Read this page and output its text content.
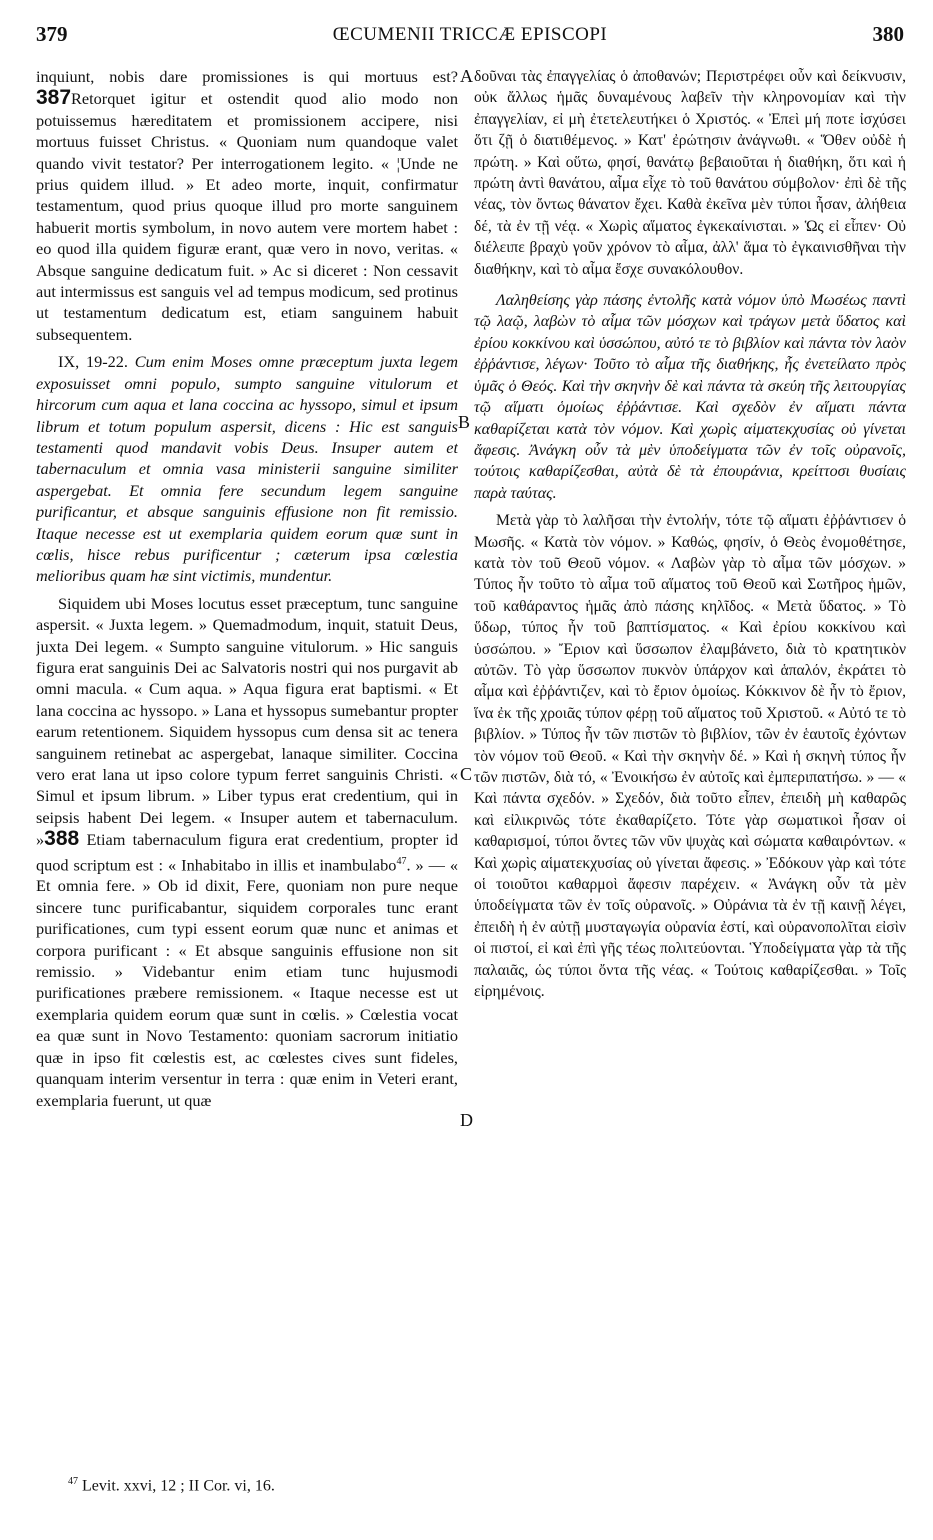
379	ŒCUMENII TRICCÆ EPISCOPI	380
A
B
C
D

inquiunt, nobis dare promissiones is qui mortuus est?387Retorquet igitur et ostendit quod alio modo non potuissemus hæreditatem et promissionem accipere, nisi mortuus fuisset Christus. « Quoniam num quandoque valet quando vivit testator? Per interrogationem legito. « ¦Unde ne prius quidem illud. » Et adeo morte, inquit, confirmatur testamentum, quod prius quoque illud pro morte sanguinem habuerit mortis symbolum, in novo autem vere mortem habet : eo quod illa quidem figuræ erant, quæ vero in novo, veritas. « Absque sanguine dedicatum fuit. » Ac si diceret : Non cessavit aut intermissus est sanguis vel ad tempus modicum, sed protinus ut testamentum dedicatum est, etiam sanguinem habuit subsequentem.

IX, 19-22. Cum enim Moses omne præceptum juxta legem exposuisset omni populo, sumpto sanguine vitulorum et hircorum cum aqua et lana coccina ac hyssopo, simul et ipsum librum et totum populum aspersit, dicens : Hic est sanguis testamenti quod mandavit vobis Deus. Insuper autem et tabernaculum et omnia vasa ministerii sanguine similiter aspergebat. Et omnia fere secundum legem sanguine purificantur, et absque sanguinis effusione non fit remissio. Itaque necesse est ut exemplaria quidem eorum quæ sunt in cœlis, hisce rebus purificentur ; cæterum ipsa cœlestia melioribus quam hæ sint victimis, mundentur.

Siquidem ubi Moses locutus esset præceptum, tunc sanguine aspersit. « Juxta legem. » Quemadmodum, inquit, statuit Deus, juxta Dei legem. « Sumpto sanguine vitulorum. » Hic sanguis figura erat sanguinis Dei ac Salvatoris nostri qui nos purgavit ab omni macula. « Cum aqua. » Aqua figura erat baptismi. « Et lana coccina ac hyssopo. » Lana et hyssopus sumebantur propter earum retentionem. Siquidem hyssopus cum densa sit ac tenera sanguinem retinebat ac aspergebat, lanaque similiter. Coccina vero erat lana ut ipso colore typum ferret sanguinis Christi. « Simul et ipsum librum. » Liber typus erat credentium, qui in seipsis habent Dei legem. « Insuper autem et tabernaculum. »388 Etiam tabernaculum figura erat credentium, propter id quod scriptum est : « Inhabitabo in illis et inambulabo$^{47}$. » — « Et omnia fere. » Ob id dixit, Fere, quoniam non pure neque sincere tunc purificabantur, siquidem corporales tunc erant purificationes, cum typi essent eorum quæ nunc et animas et corpora purificant : « Et absque sanguinis effusione non sit remissio. » Videbantur enim etiam tunc hujusmodi purificationes præbere remissionem. « Itaque necesse est ut exemplaria quidem eorum quæ sunt in cœlis. » Cœlestia vocat ea quæ sunt in Novo Testamento: quoniam sacrorum initiatio quæ in ipso fit cœlestis est, ac cœlestes cives sunt fideles, quanquam interim versentur in terra : quæ enim in Veteri erant, exemplaria fuerunt, ut quæ

δοῦναι τὰς ἐπαγγελίας ὁ ἀποθανών; Περιστρέφει οὖν καὶ δείκνυσιν, οὐκ ἄλλως ἡμᾶς δυναμένους λαβεῖν τὴν κληρονομίαν καὶ τὴν ἐπαγγελίαν, εἰ μὴ ἐτετελευτήκει ὁ Χριστός. « Ἐπεὶ μή ποτε ἰσχύσει ὅτι ζῇ ὁ διατιθέμενος. » Κατ' ἐρώτησιν ἀνάγνωθι. « Ὅθεν οὐδὲ ἡ πρώτη. » Καὶ οὕτω, φησί, θανάτῳ βεβαιοῦται ἡ διαθήκη, ὅτι καὶ ἡ πρώτη ἀντὶ θανάτου, αἷμα εἶχε τὸ τοῦ θανάτου σύμβολον· ἐπὶ δὲ τῆς νέας, τὸν ὄντως θάνατον ἔχει. Καθὰ ἐκεῖνα μὲν τύποι ἦσαν, ἀλήθεια δέ, τὰ ἐν τῇ νέᾳ. « Χωρὶς αἵματος ἐγκεκαίνισται. » Ὡς εἰ εἶπεν· Οὐ διέλειπε βραχὺ γοῦν χρόνον τὸ αἷμα, ἀλλ' ἅμα τὸ ἐγκαινισθῆναι τὴν διαθήκην, καὶ τὸ αἷμα ἔσχε συνακόλουθον.

Λαληθείσης γὰρ πάσης ἐντολῆς κατὰ νόμον ὑπὸ Μωσέως παντὶ τῷ λαῷ, λαβὼν τὸ αἷμα τῶν μόσχων καὶ τράγων μετὰ ὕδατος καὶ ἐρίου κοκκίνου καὶ ὑσσώπου, αὐτό τε τὸ βιβλίον καὶ πάντα τὸν λαὸν ἐῤῥάντισε, λέγων· Τοῦτο τὸ αἷμα τῆς διαθήκης, ἧς ἐνετείλατο πρὸς ὑμᾶς ὁ Θεός. Καὶ τὴν σκηνὴν δὲ καὶ πάντα τὰ σκεύη τῆς λειτουργίας τῷ αἵματι ὁμοίως ἐῤῥάντισε. Καὶ σχεδὸν ἐν αἵματι πάντα καθαρίζεται κατὰ τὸν νόμον. Καὶ χωρὶς αἱματεκχυσίας οὐ γίνεται ἄφεσις. Ἀνάγκη οὖν τὰ μὲν ὑποδείγματα τῶν ἐν τοῖς οὐρανοῖς, τούτοις καθαρίζεσθαι, αὐτὰ δὲ τὰ ἐπουράνια, κρείττοσι θυσίαις παρὰ ταύτας.

Μετὰ γὰρ τὸ λαλῆσαι τὴν ἐντολήν, τότε τῷ αἵματι ἐῤῥάντισεν ὁ Μωσῆς. « Κατὰ τὸν νόμον. » Καθώς, φησίν, ὁ Θεὸς ἐνομοθέτησε, κατὰ τὸν τοῦ Θεοῦ νόμον. « Λαβὼν γὰρ τὸ αἷμα τῶν μόσχων. » Τύπος ἦν τοῦτο τὸ αἷμα τοῦ αἵματος τοῦ Θεοῦ καὶ Σωτῆρος ἡμῶν, τοῦ καθάραντος ἡμᾶς ἀπὸ πάσης κηλῖδος. « Μετὰ ὕδατος. » Τὸ ὕδωρ, τύπος ἦν τοῦ βαπτίσματος. « Καὶ ἐρίου κοκκίνου καὶ ὑσσώπου. » Ἔριον καὶ ὕσσωπον ἐλαμβάνετο, διὰ τὸ κρατητικὸν αὐτῶν. Τὸ γὰρ ὕσσωπον πυκνὸν ὑπάρχον καὶ ἁπαλόν, ἐκράτει τὸ αἷμα καὶ ἐῤῥάντιζεν, καὶ τὸ ἔριον ὁμοίως. Κόκκινον δὲ ἦν τὸ ἔριον, ἵνα ἐκ τῆς χροιᾶς τύπον φέρῃ τοῦ αἵματος τοῦ Χριστοῦ. « Αὐτό τε τὸ βιβλίον. » Τύπος ἦν τῶν πιστῶν τὸ βιβλίον, τῶν ἐν ἑαυτοῖς ἐχόντων τὸν νόμον τοῦ Θεοῦ. « Καὶ τὴν σκηνὴν δέ. » Καὶ ἡ σκηνὴ τύπος ἦν τῶν πιστῶν, διὰ τό, « Ἐνοικήσω ἐν αὐτοῖς καὶ ἐμπεριπατήσω. » — « Καὶ πάντα σχεδόν. » Σχεδόν, διὰ τοῦτο εἶπεν, ἐπειδὴ μὴ καθαρῶς καὶ εἰλικρινῶς τότε ἐκαθαρίζετο. Τότε γὰρ σωματικοὶ ἦσαν οἱ καθαρισμοί, τύποι ὄντες τῶν νῦν ψυχὰς καὶ σώματα καθαιρόντων. « Καὶ χωρὶς αἱματεκχυσίας οὐ γίνεται ἄφεσις. » Ἐδόκουν γὰρ καὶ τότε οἱ τοιοῦτοι καθαρμοὶ ἄφεσιν παρέχειν. « Ἀνάγκη οὖν τὰ μὲν ὑποδείγματα τῶν ἐν τοῖς οὐρανοῖς. » Οὐράνια τὰ ἐν τῇ καινῇ λέγει, ἐπειδὴ ἡ ἐν αὐτῇ μυσταγωγία οὐρανία ἐστί, καὶ οὐρανοπολῖται εἰσὶν οἱ πιστοί, εἰ καὶ ἐπὶ γῆς τέως πολιτεύονται. Ὑποδείγματα γὰρ τὰ τῆς παλαιᾶς, ὡς τύποι ὄντα τῆς νέας. « Τούτοις καθαρίζεσθαι. » Τοῖς εἰρημένοις.

$^{47}$ Levit. xxvi, 12 ; II Cor. vi, 16.
